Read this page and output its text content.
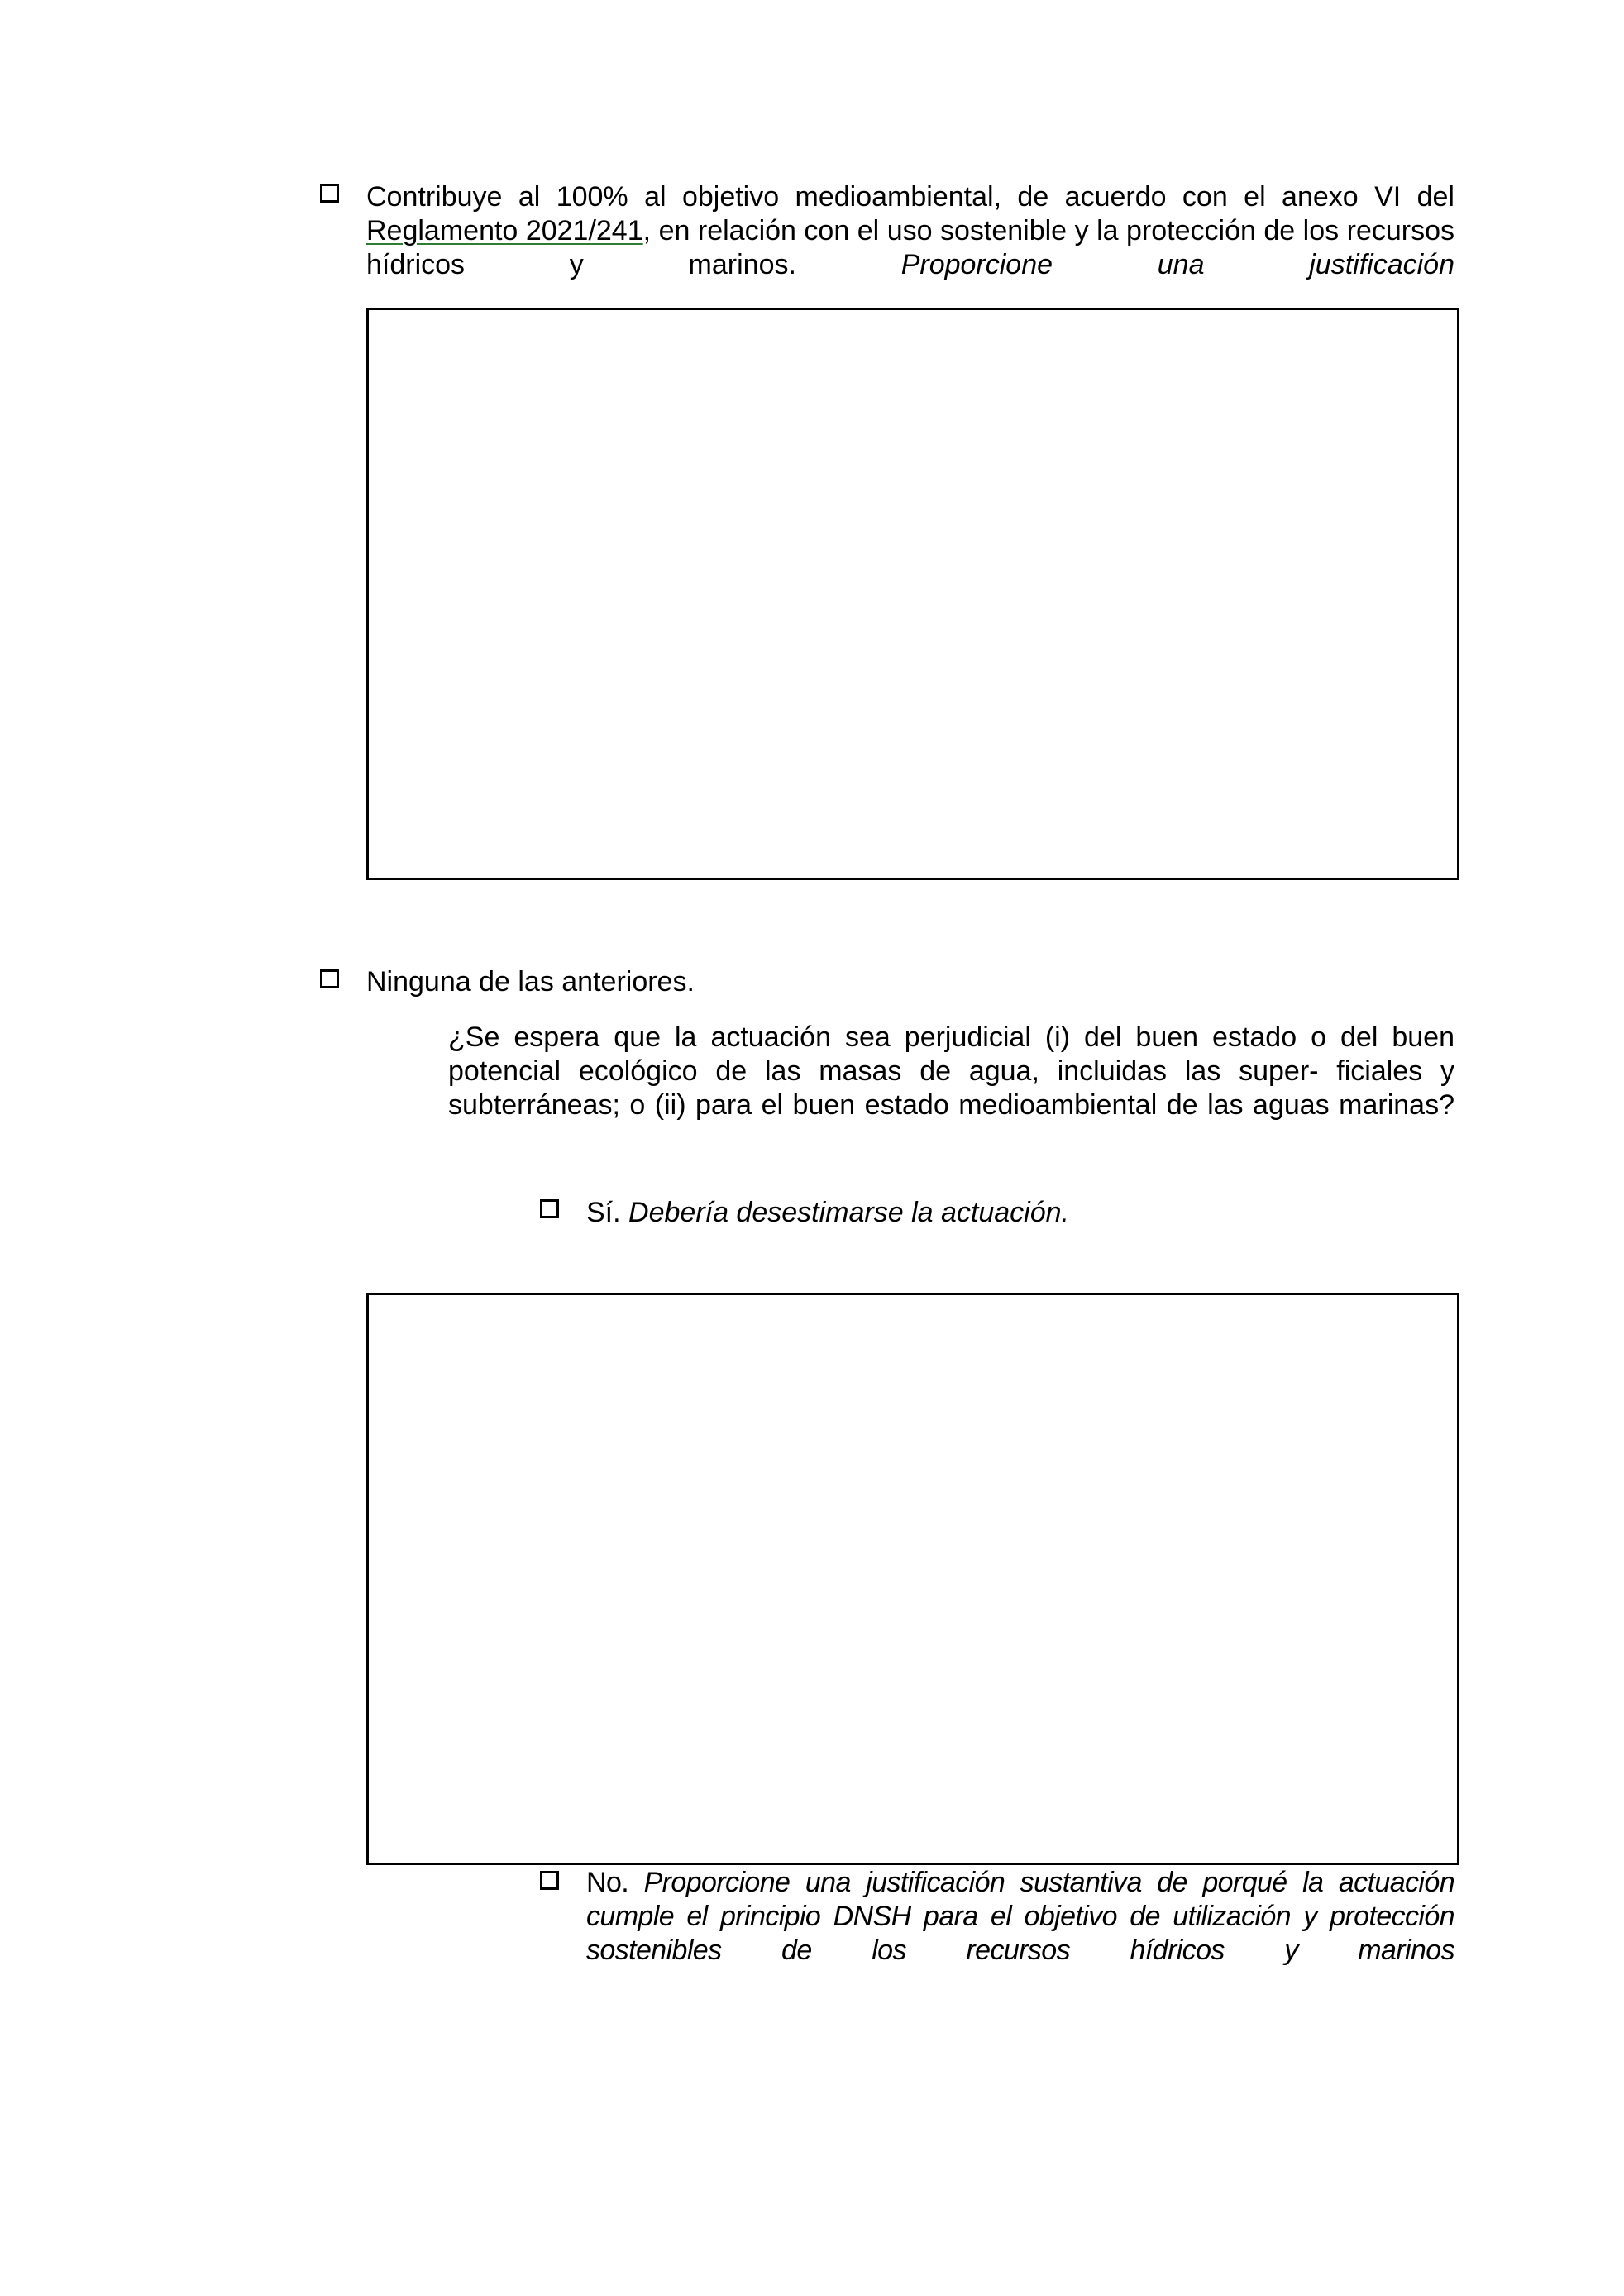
Contribuye al 100% al objetivo medioambiental, de acuerdo con el anexo VI del Reglamento 2021/241, en relación con el uso sostenible y la protección de los recursos hídricos y marinos. Proporcione una justificación

Ninguna de las anteriores.

¿Se espera que la actuación sea perjudicial (i) del buen estado o del buen potencial ecológico de las masas de agua, incluidas las super- ficiales y subterráneas; o (ii) para el buen estado medioambiental de las aguas marinas?

Sí. Debería desestimarse la actuación.

No. Proporcione una justificación sustantiva de porqué la actuación cumple el principio DNSH para el objetivo de utilización y protección sostenibles de los recursos hídricos y marinos
